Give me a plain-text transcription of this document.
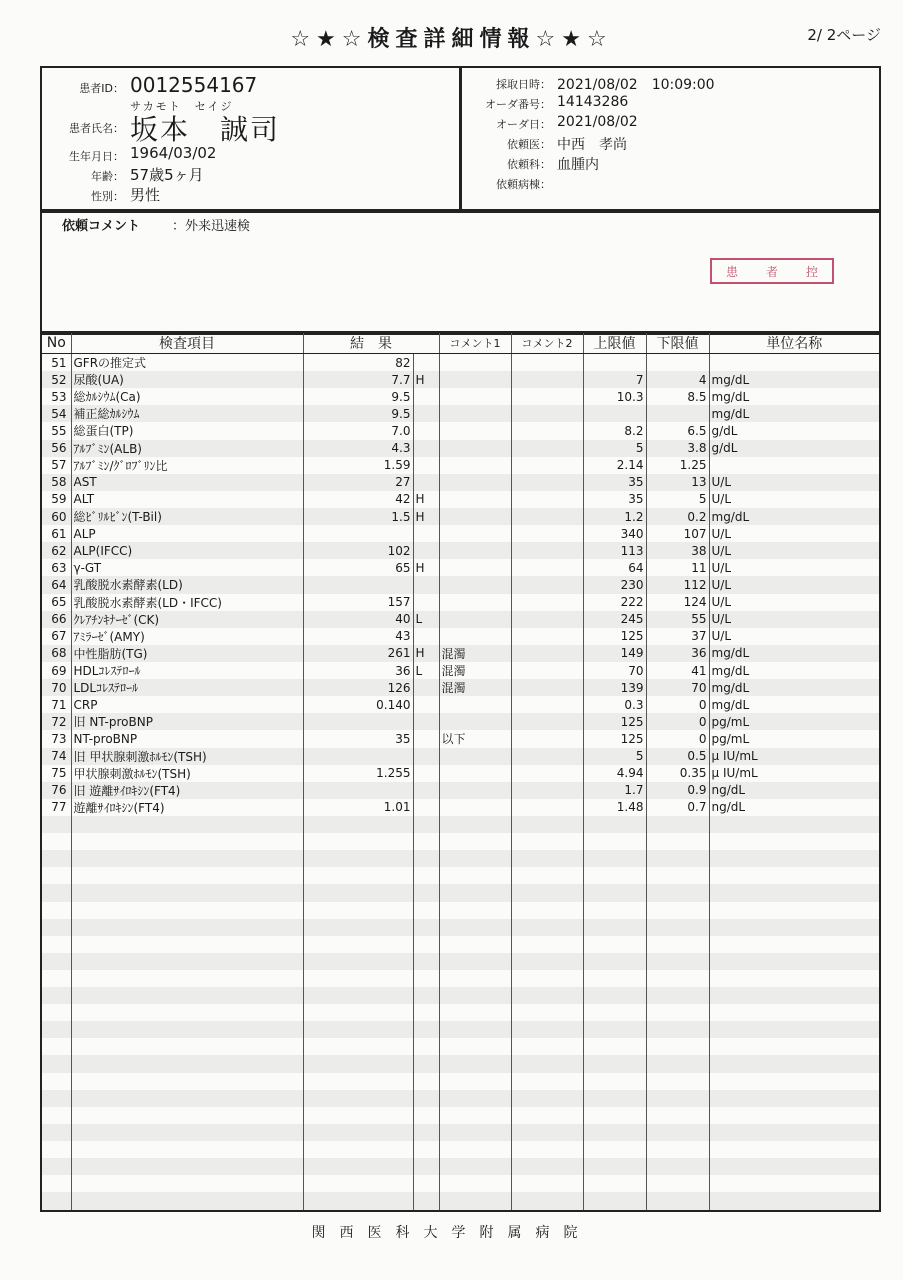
☆★☆検査詳細情報☆★☆	2/ 2ページ
患者ID： 0012554167
サカモト　セイジ
患者氏名： 坂本　誠司
生年月日： 1964/03/02
年齢： 57歳5ヶ月
性別： 男性
採取日時： 2021/08/02　10:09:00
オーダ番号： 14143286
オーダ日： 2021/08/02
依頼医： 中西　孝尚
依頼科： 血腫内
依頼病棟：
依頼コメント ：外来迅速検
患 者 控
No	検査項目	結　果		コメント1	コメント2	上限値	下限値	単位名称
51	GFRの推定式	82						
52	尿酸(UA)	7.7	H			7	4	mg/dL
53	総ｶﾙｼｳﾑ(Ca)	9.5				10.3	8.5	mg/dL
54	補正総ｶﾙｼｳﾑ	9.5						mg/dL
55	総蛋白(TP)	7.0				8.2	6.5	g/dL
56	ｱﾙﾌﾞﾐﾝ(ALB)	4.3				5	3.8	g/dL
57	ｱﾙﾌﾞﾐﾝ/ｸﾞﾛﾌﾞﾘﾝ比	1.59				2.14	1.25	
58	AST	27				35	13	U/L
59	ALT	42	H			35	5	U/L
60	総ﾋﾞﾘﾙﾋﾞﾝ(T-Bil)	1.5	H			1.2	0.2	mg/dL
61	ALP					340	107	U/L
62	ALP(IFCC)	102				113	38	U/L
63	γ-GT	65	H			64	11	U/L
64	乳酸脱水素酵素(LD)					230	112	U/L
65	乳酸脱水素酵素(LD・IFCC)	157				222	124	U/L
66	ｸﾚｱﾁﾝｷﾅｰｾﾞ(CK)	40	L			245	55	U/L
67	ｱﾐﾗｰｾﾞ(AMY)	43				125	37	U/L
68	中性脂肪(TG)	261	H	混濁		149	36	mg/dL
69	HDLｺﾚｽﾃﾛｰﾙ	36	L	混濁		70	41	mg/dL
70	LDLｺﾚｽﾃﾛｰﾙ	126		混濁		139	70	mg/dL
71	CRP	0.140				0.3	0	mg/dL
72	旧 NT-proBNP					125	0	pg/mL
73	NT-proBNP	35		以下		125	0	pg/mL
74	旧 甲状腺刺激ﾎﾙﾓﾝ(TSH)					5	0.5	μ IU/mL
75	甲状腺刺激ﾎﾙﾓﾝ(TSH)	1.255				4.94	0.35	μ IU/mL
76	旧 遊離ｻｲﾛｷｼﾝ(FT4)					1.7	0.9	ng/dL
77	遊離ｻｲﾛｷｼﾝ(FT4)	1.01				1.48	0.7	ng/dL

関西医科大学附属病院
